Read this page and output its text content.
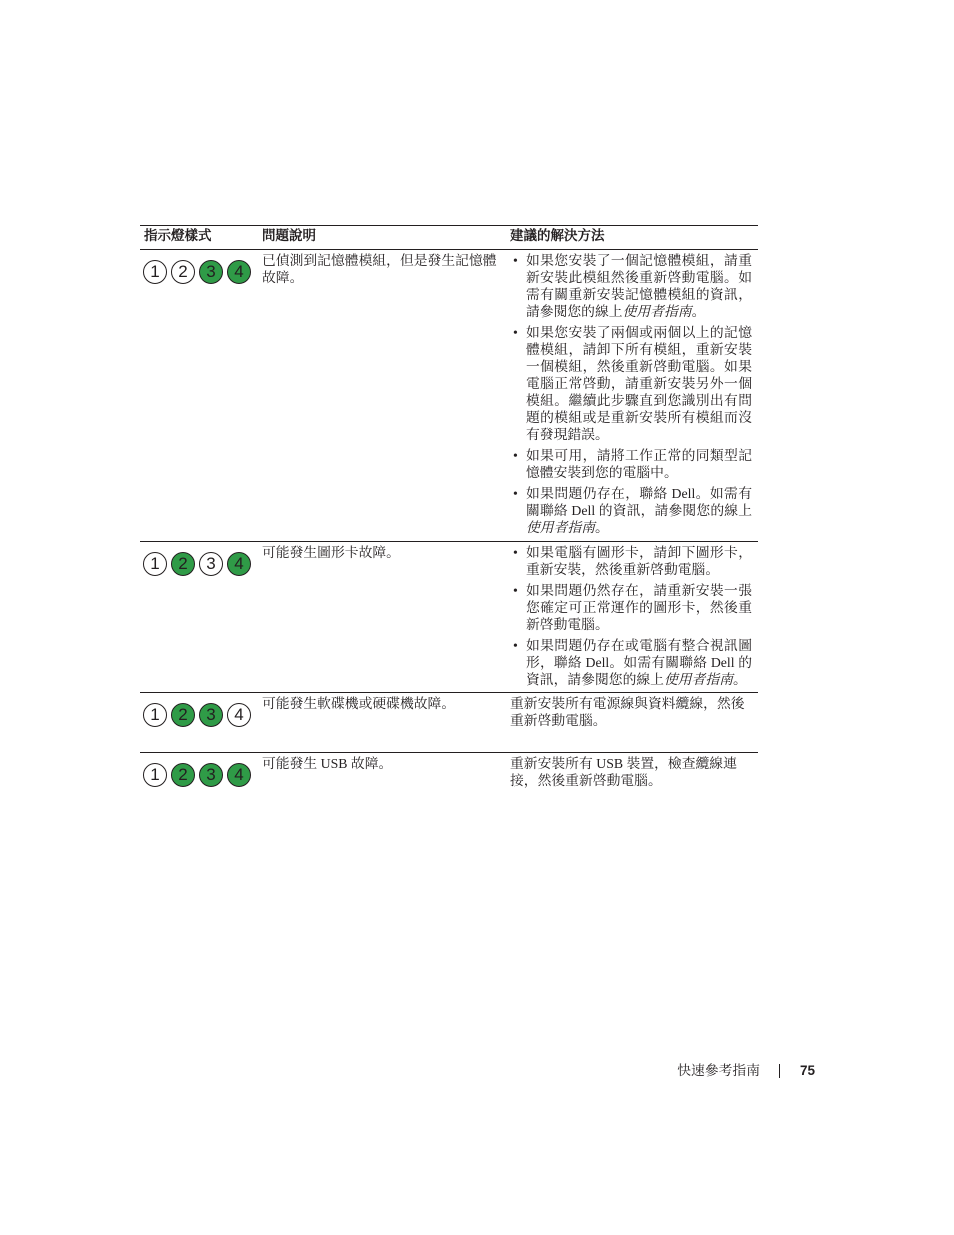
指示燈樣式	問題說明	建議的解決方法
1	2	3	4
已偵測到記憶體模組，但是發生記憶體故障。
• 如果您安裝了一個記憶體模組，請重新安裝此模組然後重新啓動電腦。如需有關重新安裝記憶體模組的資訊，請參閱您的線上使用者指南。
• 如果您安裝了兩個或兩個以上的記憶體模組，請卸下所有模組，重新安裝一個模組，然後重新啓動電腦。如果電腦正常啓動，請重新安裝另外一個模組。繼續此步驟直到您識別出有問題的模組或是重新安裝所有模組而沒有發現錯誤。
• 如果可用，請將工作正常的同類型記憶體安裝到您的電腦中。
• 如果問題仍存在，聯絡 Dell。如需有關聯絡 Dell 的資訊，請參閱您的線上使用者指南。
1	2	3	4
可能發生圖形卡故障。
•	如果電腦有圖形卡，請卸下圖形卡，重新安裝，然後重新啓動電腦。
• 如果問題仍然存在，請重新安裝一張您確定可正常運作的圖形卡，然後重新啓動電腦。
• 如果問題仍存在或電腦有整合視訊圖形，聯絡 Dell。如需有關聯絡 Dell 的資訊，請參閱您的線上使用者指南。
1	2	3	4
可能發生軟碟機或硬碟機故障。	重新安裝所有電源線與資料纜線，然後重新啓動電腦。
1	2	3	4
可能發生 USB 故障。	重新安裝所有 USB 裝置，檢查纜線連接，然後重新啓動電腦。
快速參考指南	75
